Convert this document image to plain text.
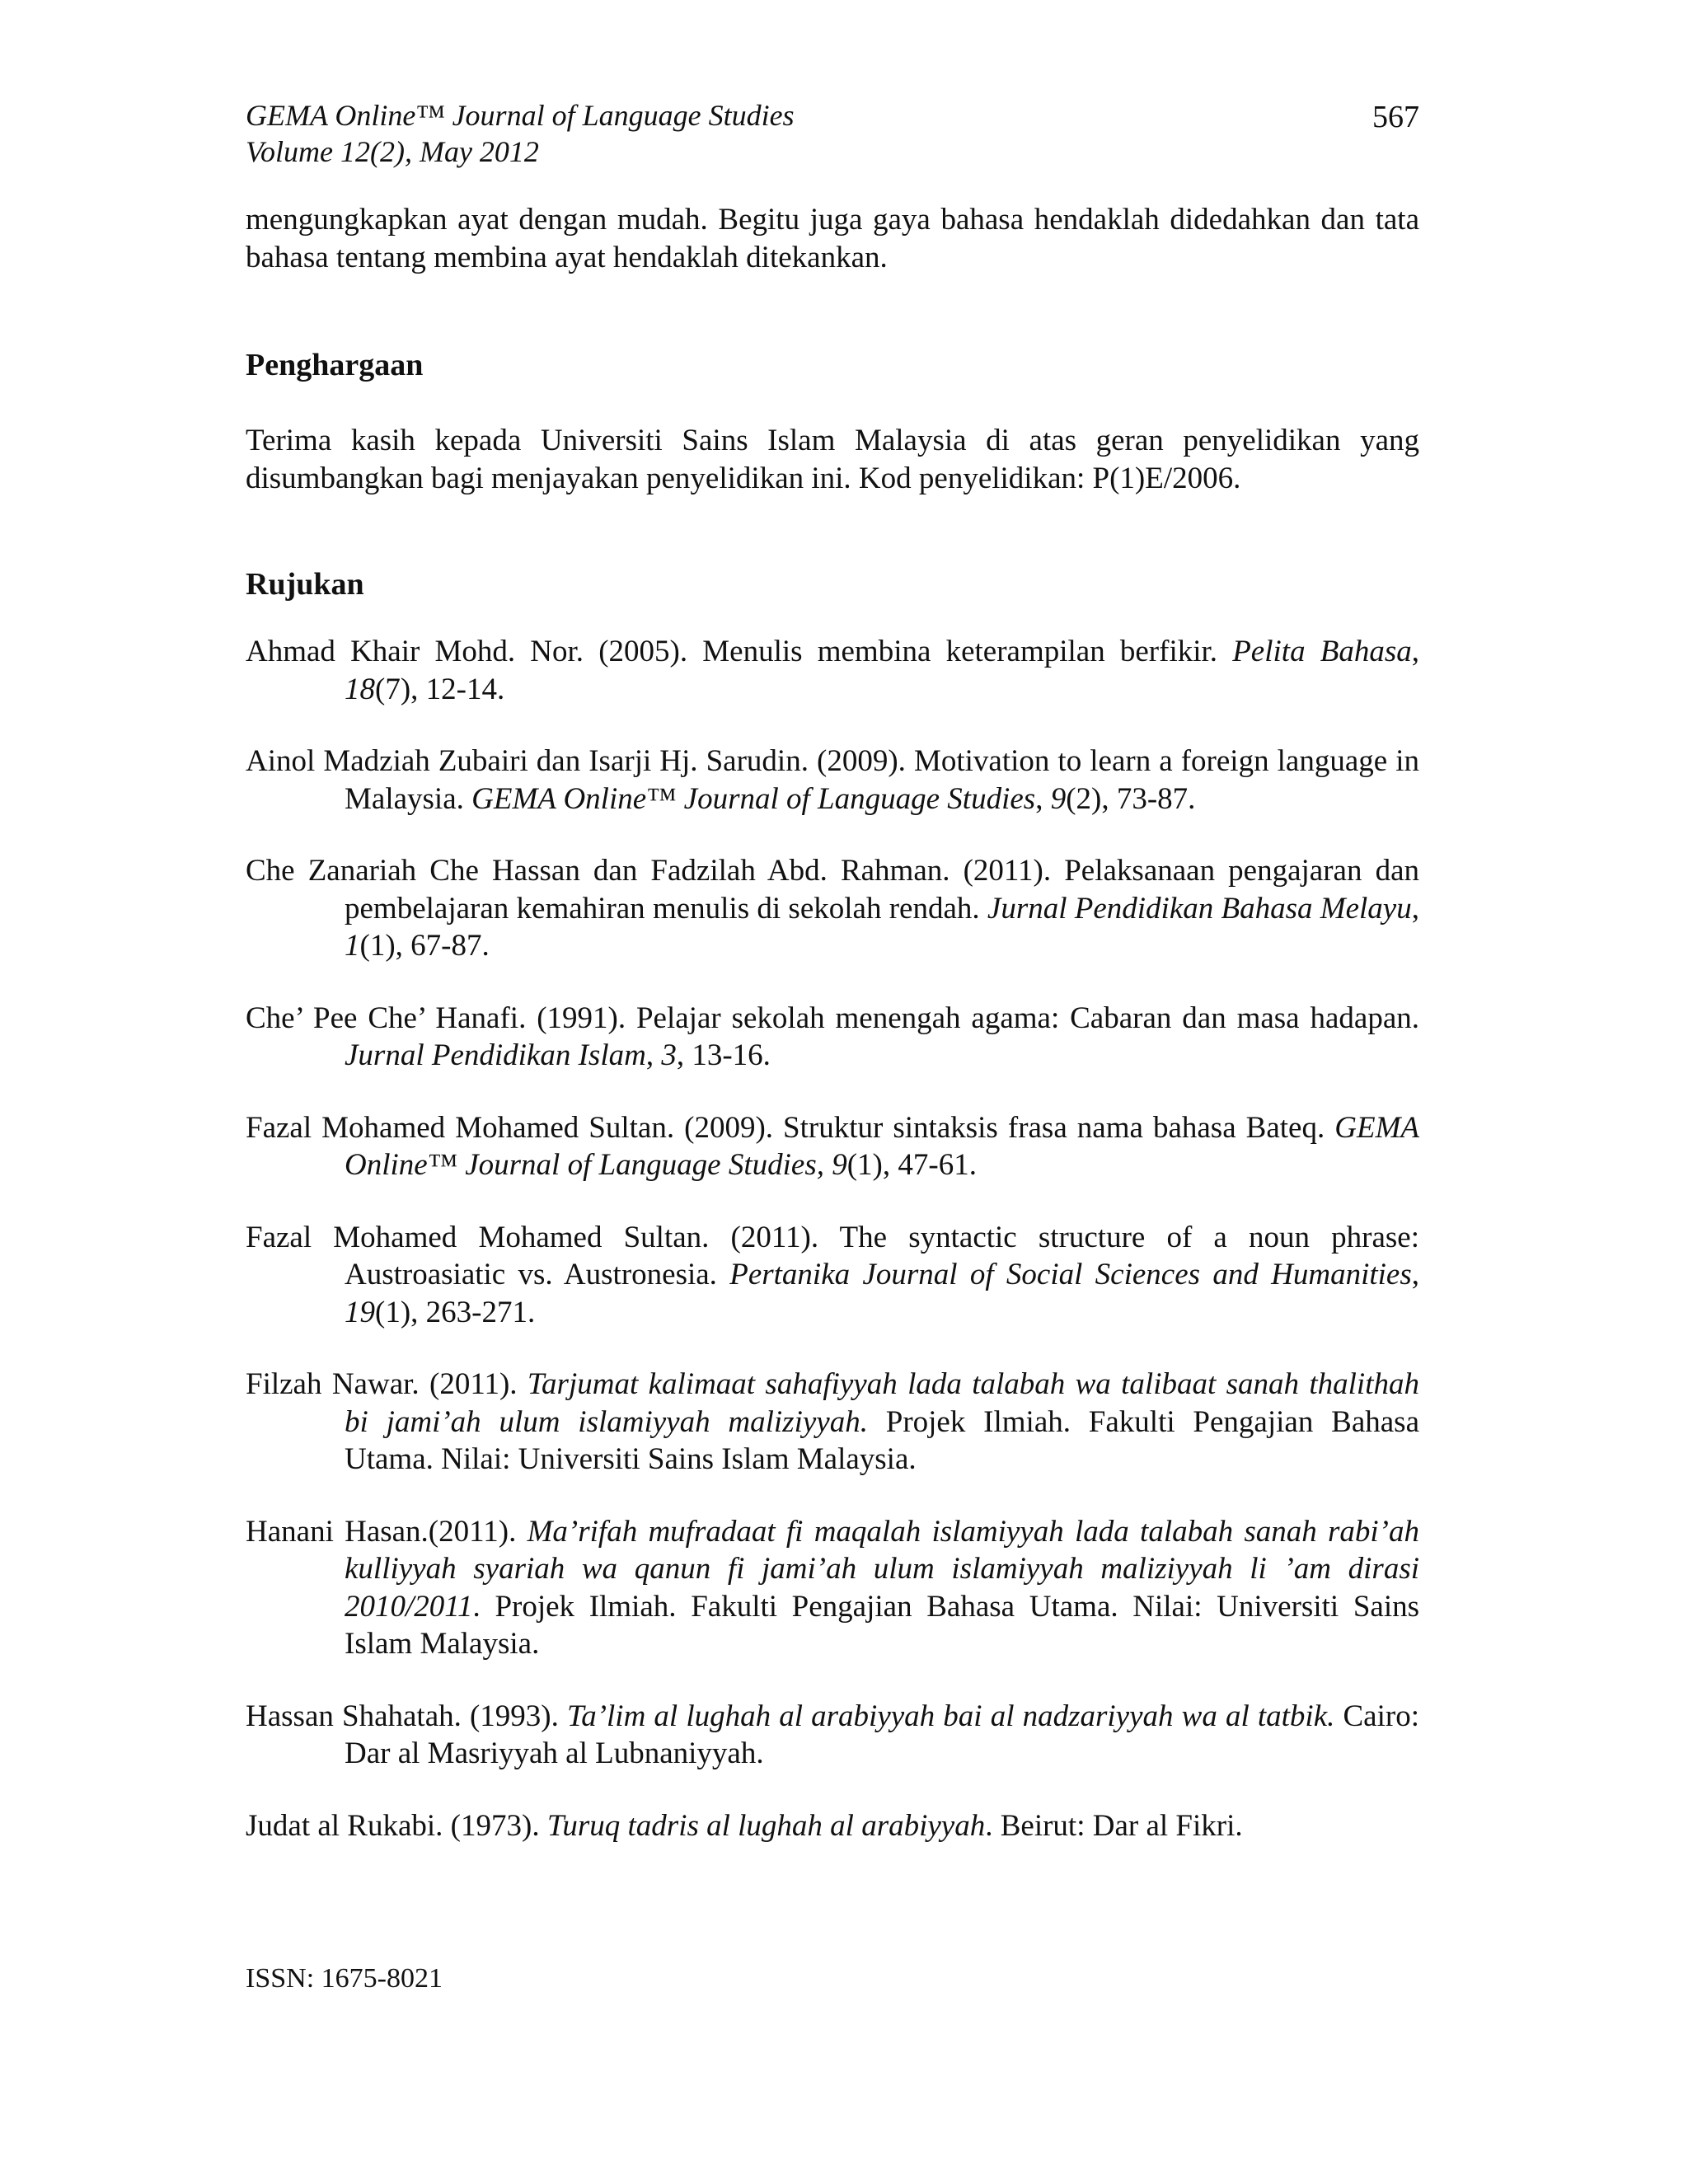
GEMA Online™ Journal of Language Studies
Volume 12(2), May 2012
567
mengungkapkan ayat dengan mudah. Begitu juga gaya bahasa hendaklah didedahkan dan tata bahasa tentang membina ayat hendaklah ditekankan.
Penghargaan
Terima kasih kepada Universiti Sains Islam Malaysia di atas geran penyelidikan yang disumbangkan bagi menjayakan penyelidikan ini. Kod penyelidikan: P(1)E/2006.
Rujukan

Ahmad Khair Mohd. Nor. (2005). Menulis membina keterampilan berfikir. Pelita Bahasa, 18(7), 12-14.

Ainol Madziah Zubairi dan Isarji Hj. Sarudin. (2009). Motivation to learn a foreign language in Malaysia. GEMA Online™ Journal of Language Studies, 9(2), 73-87.

Che Zanariah Che Hassan dan Fadzilah Abd. Rahman. (2011). Pelaksanaan pengajaran dan pembelajaran kemahiran menulis di sekolah rendah. Jurnal Pendidikan Bahasa Melayu, 1(1), 67-87.

Che’ Pee Che’ Hanafi. (1991). Pelajar sekolah menengah agama: Cabaran dan masa hadapan. Jurnal Pendidikan Islam, 3, 13-16.

Fazal Mohamed Mohamed Sultan. (2009). Struktur sintaksis frasa nama bahasa Bateq. GEMA Online™ Journal of Language Studies, 9(1), 47-61.

Fazal Mohamed Mohamed Sultan. (2011). The syntactic structure of a noun phrase: Austroasiatic vs. Austronesia. Pertanika Journal of Social Sciences and Humanities, 19(1), 263-271.

Filzah Nawar. (2011). Tarjumat kalimaat sahafiyyah lada talabah wa talibaat sanah thalithah bi jami’ah ulum islamiyyah maliziyyah. Projek Ilmiah. Fakulti Pengajian Bahasa Utama. Nilai: Universiti Sains Islam Malaysia.

Hanani Hasan.(2011). Ma’rifah mufradaat fi maqalah islamiyyah lada talabah sanah rabi’ah kulliyyah syariah wa qanun fi jami’ah ulum islamiyyah maliziyyah li ’am dirasi 2010/2011. Projek Ilmiah. Fakulti Pengajian Bahasa Utama. Nilai: Universiti Sains Islam Malaysia.

Hassan Shahatah. (1993). Ta’lim al lughah al arabiyyah bai al nadzariyyah wa al tatbik. Cairo: Dar al Masriyyah al Lubnaniyyah.

Judat al Rukabi. (1973). Turuq tadris al lughah al arabiyyah. Beirut: Dar al Fikri.

ISSN: 1675-8021
